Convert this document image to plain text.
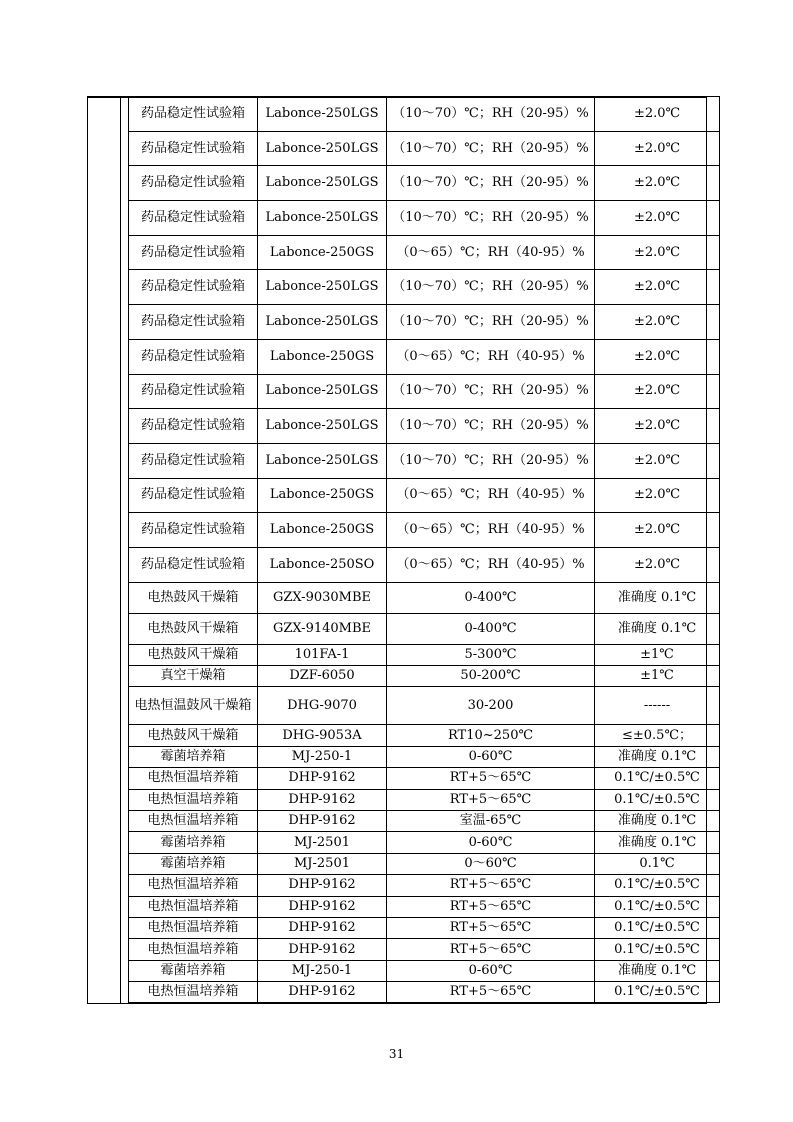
药品稳定性试验箱	Labonce-250LGS	（10～70）℃；RH（20-95）%	±2.0℃
药品稳定性试验箱	Labonce-250LGS	（10～70）℃；RH（20-95）%	±2.0℃
药品稳定性试验箱	Labonce-250LGS	（10～70）℃；RH（20-95）%	±2.0℃
药品稳定性试验箱	Labonce-250LGS	（10～70）℃；RH（20-95）%	±2.0℃
药品稳定性试验箱	Labonce-250GS	（0～65）℃；RH（40-95）%	±2.0℃
药品稳定性试验箱	Labonce-250LGS	（10～70）℃；RH（20-95）%	±2.0℃
药品稳定性试验箱	Labonce-250LGS	（10～70）℃；RH（20-95）%	±2.0℃
药品稳定性试验箱	Labonce-250GS	（0～65）℃；RH（40-95）%	±2.0℃
药品稳定性试验箱	Labonce-250LGS	（10～70）℃；RH（20-95）%	±2.0℃
药品稳定性试验箱	Labonce-250LGS	（10～70）℃；RH（20-95）%	±2.0℃
药品稳定性试验箱	Labonce-250LGS	（10～70）℃；RH（20-95）%	±2.0℃
药品稳定性试验箱	Labonce-250GS	（0～65）℃；RH（40-95）%	±2.0℃
药品稳定性试验箱	Labonce-250GS	（0～65）℃；RH（40-95）%	±2.0℃
药品稳定性试验箱	Labonce-250SO	（0～65）℃；RH（40-95）%	±2.0℃
电热鼓风干燥箱	GZX-9030MBE	0-400℃	准确度 0.1℃
电热鼓风干燥箱	GZX-9140MBE	0-400℃	准确度 0.1℃
电热鼓风干燥箱	101FA-1	5-300℃	±1℃
真空干燥箱	DZF-6050	50-200℃	±1℃
电热恒温鼓风干燥箱	DHG-9070	30-200	------
电热鼓风干燥箱	DHG-9053A	RT10~250℃	≤±0.5℃；
霉菌培养箱	MJ-250-1	0-60℃	准确度 0.1℃
电热恒温培养箱	DHP-9162	RT+5～65℃	0.1℃/±0.5℃
电热恒温培养箱	DHP-9162	RT+5～65℃	0.1℃/±0.5℃
电热恒温培养箱	DHP-9162	室温-65℃	准确度 0.1℃
霉菌培养箱	MJ-2501	0-60℃	准确度 0.1℃
霉菌培养箱	MJ-2501	0～60℃	0.1℃
电热恒温培养箱	DHP-9162	RT+5～65℃	0.1℃/±0.5℃
电热恒温培养箱	DHP-9162	RT+5～65℃	0.1℃/±0.5℃
电热恒温培养箱	DHP-9162	RT+5～65℃	0.1℃/±0.5℃
电热恒温培养箱	DHP-9162	RT+5～65℃	0.1℃/±0.5℃
霉菌培养箱	MJ-250-1	0-60℃	准确度 0.1℃
电热恒温培养箱	DHP-9162	RT+5～65℃	0.1℃/±0.5℃
31
